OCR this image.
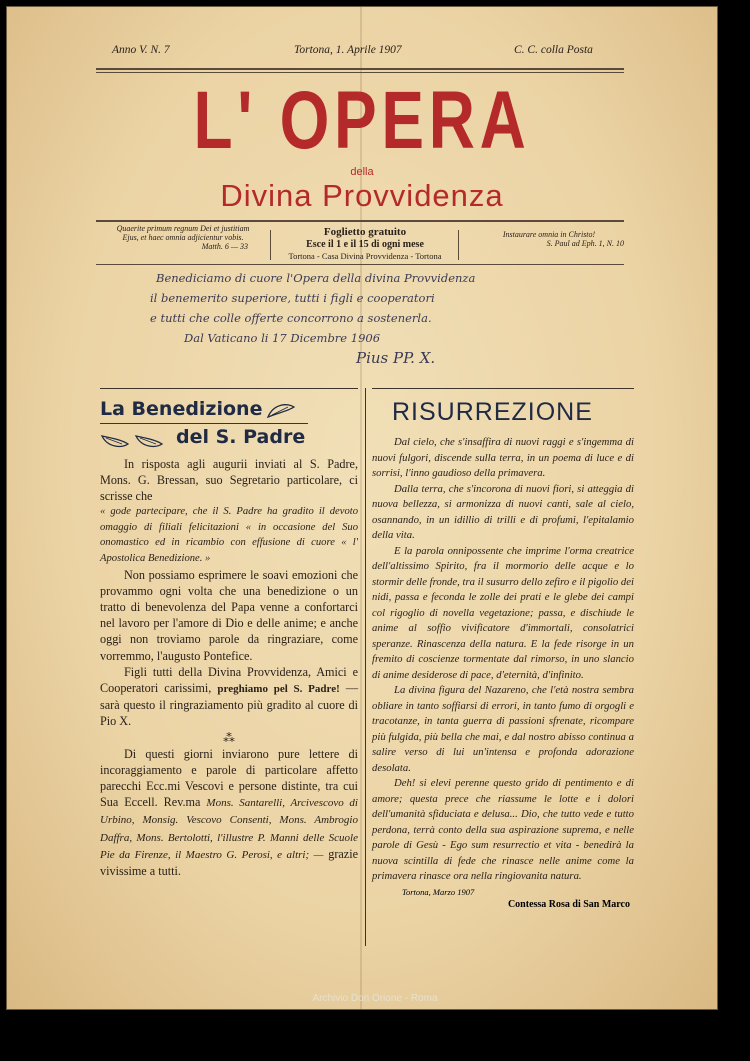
Anno V. N. 7	Tortona, 1. Aprile 1907	C. C. colla Posta
L' OPERA
della
Divina Provvidenza
Quaerite primum regnum Dei et justitiam
Ejus, et haec omnia adjicientur vobis.
Matth. 6 — 33
Foglietto gratuito
Esce il 1 e il 15 di ogni mese
Tortona - Casa Divina Provvidenza - Tortona
Instaurare omnia in Christo!
S. Paul ad Eph. 1, N. 10
Benediciamo di cuore l'Opera della divina Provvidenza
il benemerito superiore, tutti i figli e cooperatori
e tutti che colle offerte concorrono a sostenerla.
Dal Vaticano li 17 Dicembre 1906
Pius PP. X.
La Benedizione
del S. Padre

In risposta agli augurii inviati al S. Padre, Mons. G. Bressan, suo Segretario particolare, ci scrisse che

« gode partecipare, che il S. Padre ha gradito il devoto omaggio di filiali felicitazioni « in occasione del Suo onomastico ed in ricambio con effusione di cuore « l' Apostolica Benedizione. »

Non possiamo esprimere le soavi emozioni che provammo ogni volta che una benedizione o un tratto di benevolenza del Papa venne a confortarci nel lavoro per l'amore di Dio e delle anime; e anche oggi non troviamo parole da ringraziare, come vorremmo, l'augusto Pontefice.

Figli tutti della Divina Provvidenza, Amici e Cooperatori carissimi, preghiamo pel S. Padre! — sarà questo il ringraziamento più gradito al cuore di Pio X.

⁂

Di questi giorni inviarono pure lettere di incoraggiamento e parole di particolare affetto parecchi Ecc.mi Vescovi e persone distinte, tra cui Sua Eccell. Rev.ma Mons. Santarelli, Arcivescovo di Urbino, Monsig. Vescovo Consenti, Mons. Ambrogio Daffra, Mons. Bertolotti, l'illustre P. Manni delle Scuole Pie da Firenze, il Maestro G. Perosi, e altri; — grazie vivissime a tutti.

RISURREZIONE

Dal cielo, che s'insaffira di nuovi raggi e s'ingemma di nuovi fulgori, discende sulla terra, in un poema di luce e di sorrisi, l'inno gaudioso della primavera.

Dalla terra, che s'incorona di nuovi fiori, si atteggia di nuova bellezza, si armonizza di nuovi canti, sale al cielo, osannando, in un idillio di trilli e di profumi, l'epitalamio della vita.

E la parola onnipossente che imprime l'orma creatrice dell'altissimo Spirito, fra il mormorio delle acque e lo stormir delle fronde, tra il susurro dello zefiro e il pigolio dei nidi, passa e feconda le zolle dei prati e le glebe dei campi col rigoglio di novella vegetazione; passa, e dischiude le anime al soffio vivificatore d'immortali, consolatrici speranze. Rinascenza della natura. E la fede risorge in un fremito di coscienze tormentate dal rimorso, in uno slancio di anime desiderose di pace, d'eternità, d'infinito.

La divina figura del Nazareno, che l'età nostra sembra obliare in tanto soffiarsi di errori, in tanto fumo di orgogli e tracotanze, in tanta guerra di passioni sfrenate, ricompare più fulgida, più bella che mai, e dal nostro abisso continua a salire verso di lui un'intensa e profonda adorazione desolata.

Deh! si elevi perenne questo grido di pentimento e di amore; questa prece che riassume le lotte e i dolori dell'umanità sfiduciata e delusa... Dio, che tutto vede e tutto perdona, terrà conto della sua aspirazione suprema, e nelle parole di Gesù - Ego sum resurrectio et vita - benedirà la nuova scintilla di fede che rinasce nelle anime come la primavera rinasce ora nella ringiovanita natura.

Tortona, Marzo 1907
Contessa Rosa di San Marco
Archivio Don Orione - Roma
